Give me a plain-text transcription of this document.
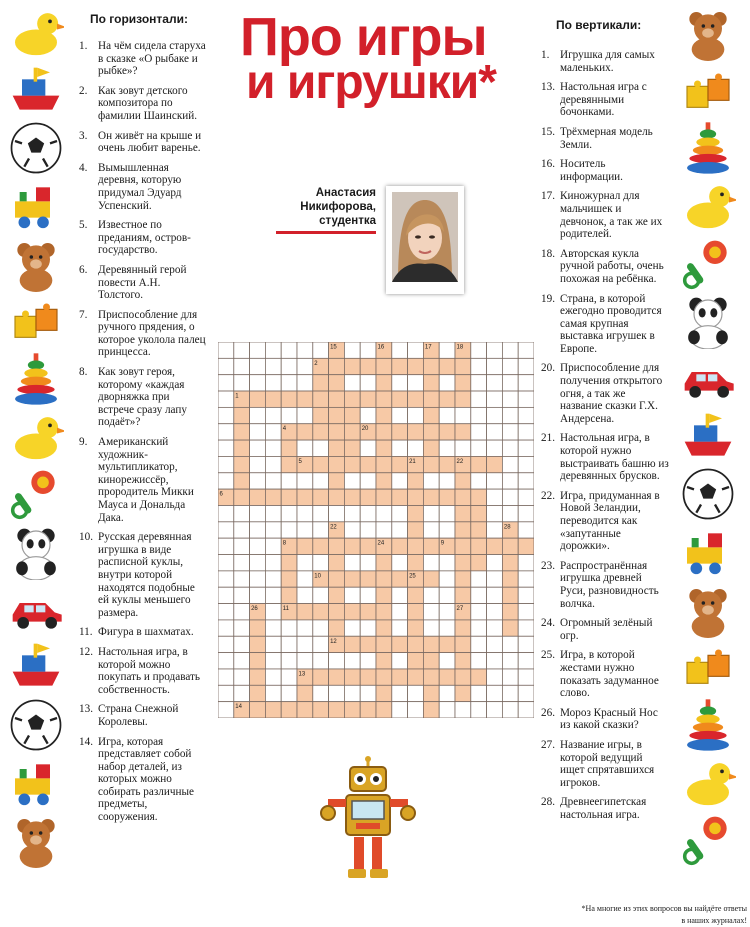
Про игры
и игрушки*
Анастасия
Никифорова,
студентка
По горизонтали:
1. На чём сидела старуха в сказке «О рыбаке и рыбке»?
2. Как зовут детского композитора по фамилии Шаинский.
3. Он живёт на крыше и очень любит варенье.
4. Вымышленная деревня, которую придумал Эдуард Успенский.
5. Известное по преданиям, остров-государство.
6. Деревянный герой повести А.Н. Толстого.
7. Приспособление для ручного прядения, о которое уколола палец принцесса.
8. Как зовут героя, которому «каждая дворняжка при встрече сразу лапу подаёт»?
9. Американский художник-мультипликатор, кинорежиссёр, прородитель Микки Мауса и Дональда Дака.
10. Русская деревянная игрушка в виде расписной куклы, внутри которой находятся подобные ей куклы меньшего размера.
11. Фигура в шахматах.
12. Настольная игра, в которой можно покупать и продавать собственность.
13. Страна Снежной Королевы.
14. Игра, которая представляет собой набор деталей, из которых можно собирать различные предметы, сооружения.
По вертикали:
1. Игрушка для самых маленьких.
13. Настольная игра с деревянными бочонками.
15. Трёхмерная модель Земли.
16. Носитель информации.
17. Киножурнал для мальчишек и девчонок, а так же их родителей.
18. Авторская кукла ручной работы, очень похожая на ребёнка.
19. Страна, в которой ежегодно проводится самая крупная выставка игрушек в Европе.
20. Приспособление для получения открытого огня, а так же название сказки Г.Х. Андерсена.
21. Настольная игра, в которой нужно выстраивать башню из деревянных брусков.
22. Игра, придуманная в Новой Зеландии, переводится как «запутанные дорожки».
23. Распространённая игрушка древней Руси, разновидность волчка.
24. Огромный зелёный огр.
25. Игра, в которой жестами нужно показать задуманное слово.
26. Мороз Красный Нос из какой сказки?
27. Название игры, в которой ведущий ищет спрятавшихся игроков.
28. Древнеегипетская настольная игра.
15	16	17	18
2
1
4	20
5	21	22
6
22	28
8	24	9
10	25
26	11	27
12
13
14
*На многие из этих вопросов вы найдёте ответы
в наших журналах!
